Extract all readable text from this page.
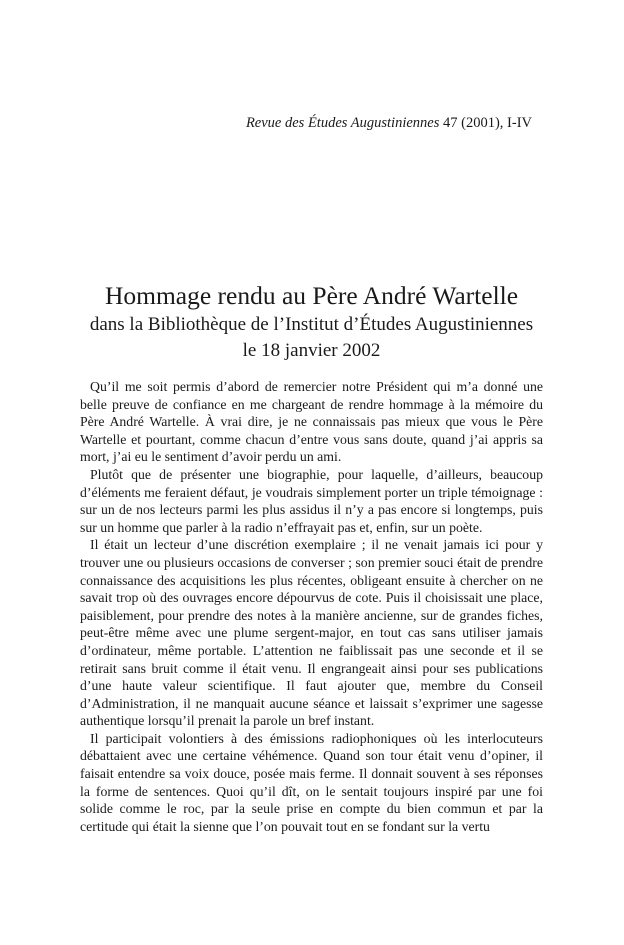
Revue des Études Augustiniennes 47 (2001), I-IV
Hommage rendu au Père André Wartelle
dans la Bibliothèque de l’Institut d’Études Augustiniennes
le 18 janvier 2002

Qu’il me soit permis d’abord de remercier notre Président qui m’a donné une belle preuve de confiance en me chargeant de rendre hommage à la mémoire du Père André Wartelle. À vrai dire, je ne connaissais pas mieux que vous le Père Wartelle et pourtant, comme chacun d’entre vous sans doute, quand j’ai appris sa mort, j’ai eu le sentiment d’avoir perdu un ami.

Plutôt que de présenter une biographie, pour laquelle, d’ailleurs, beaucoup d’éléments me feraient défaut, je voudrais simplement porter un triple témoignage : sur un de nos lecteurs parmi les plus assidus il n’y a pas encore si longtemps, puis sur un homme que parler à la radio n’effrayait pas et, enfin, sur un poète.

Il était un lecteur d’une discrétion exemplaire ; il ne venait jamais ici pour y trouver une ou plusieurs occasions de converser ; son premier souci était de prendre connaissance des acquisitions les plus récentes, obligeant ensuite à chercher on ne savait trop où des ouvrages encore dépourvus de cote. Puis il choisissait une place, paisiblement, pour prendre des notes à la manière ancienne, sur de grandes fiches, peut-être même avec une plume sergent-major, en tout cas sans utiliser jamais d’ordinateur, même portable. L’attention ne faiblissait pas une seconde et il se retirait sans bruit comme il était venu. Il engrangeait ainsi pour ses publications d’une haute valeur scientifique. Il faut ajouter que, membre du Conseil d’Administration, il ne manquait aucune séance et laissait s’exprimer une sagesse authentique lorsqu’il prenait la parole un bref instant.

Il participait volontiers à des émissions radiophoniques où les interlocuteurs débattaient avec une certaine véhémence. Quand son tour était venu d’opiner, il faisait entendre sa voix douce, posée mais ferme. Il donnait souvent à ses réponses la forme de sentences. Quoi qu’il dît, on le sentait toujours inspiré par une foi solide comme le roc, par la seule prise en compte du bien commun et par la certitude qui était la sienne que l’on pouvait tout en se fondant sur la vertu
